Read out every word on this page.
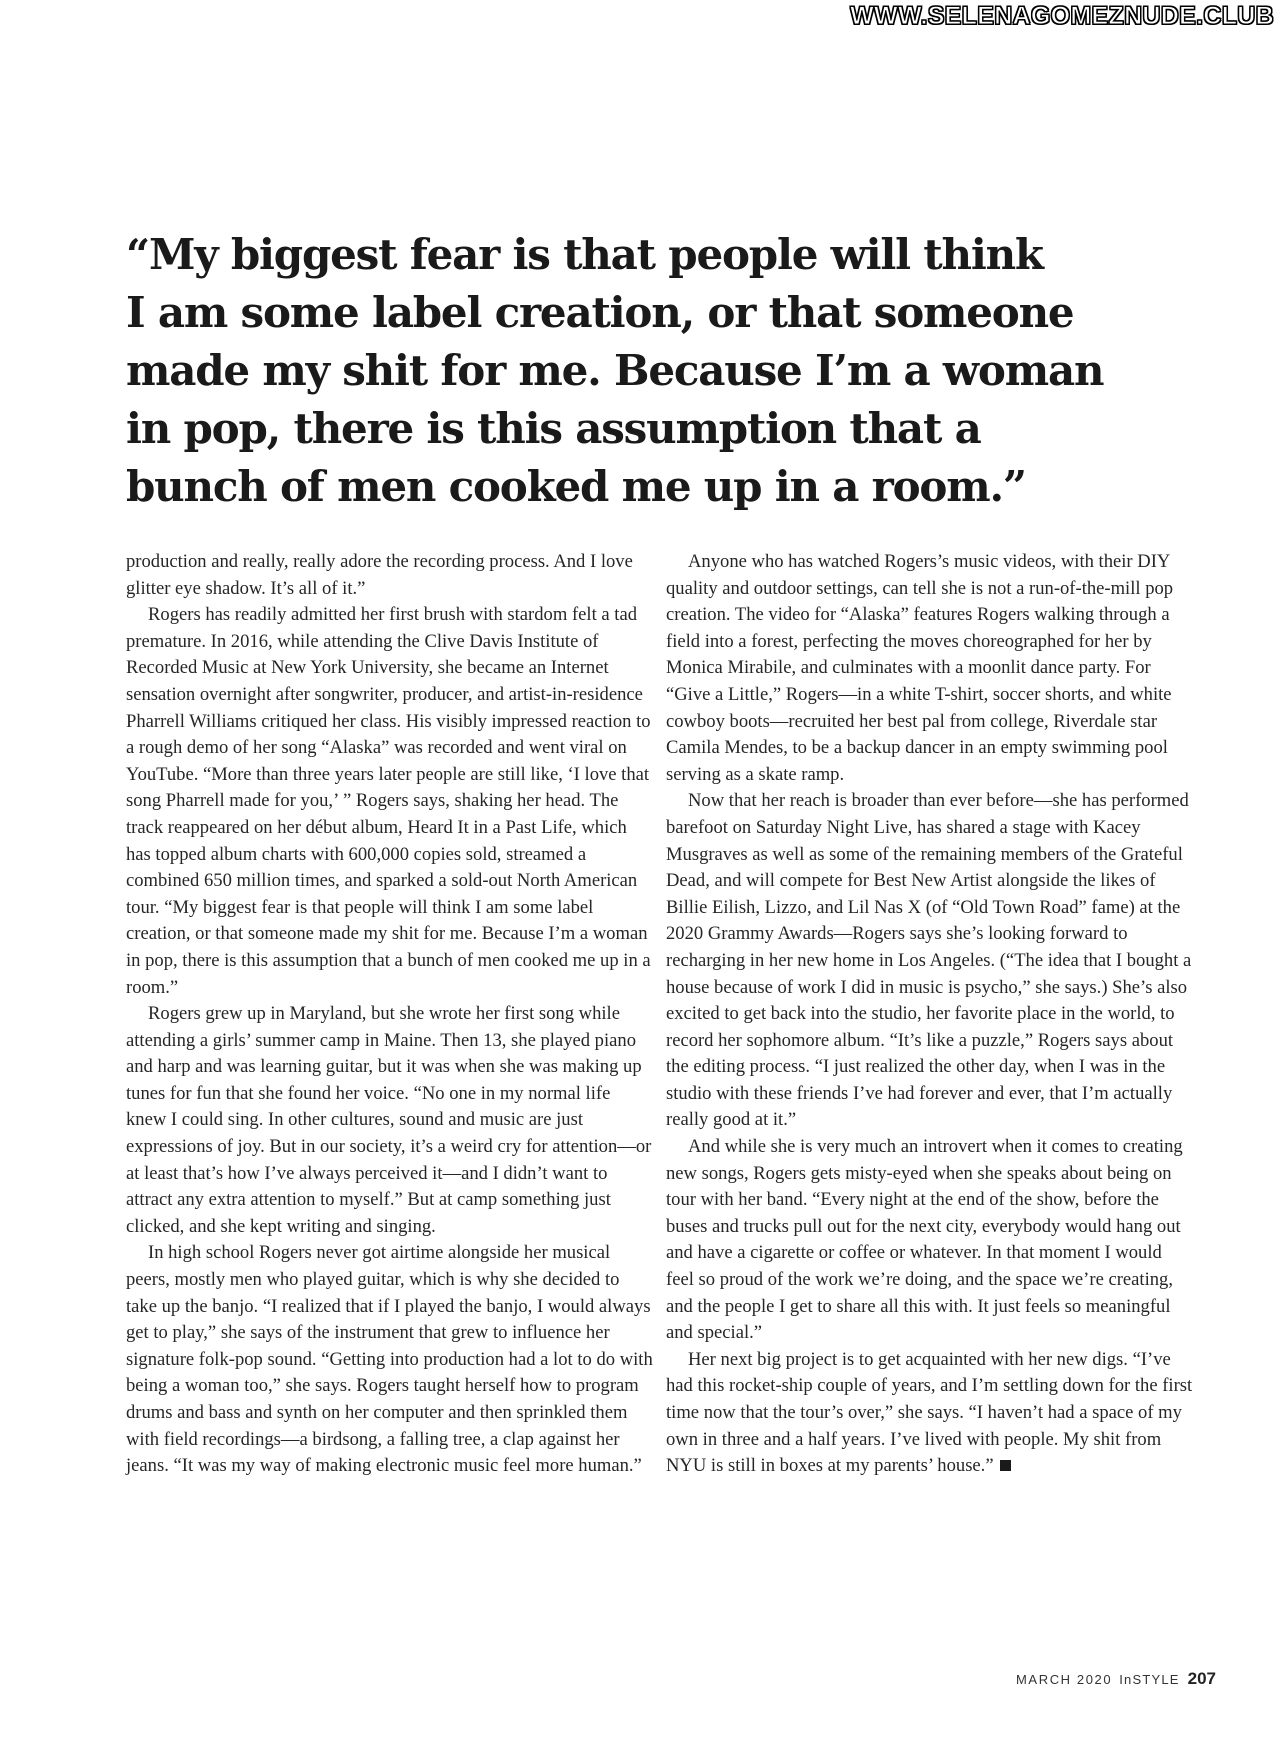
WWW.SELENAGOMEZNUDE.CLUB
“My biggest fear is that people will think
I am some label creation, or that someone
made my shit for me. Because I’m a woman
in pop, there is this assumption that a
bunch of men cooked me up in a room.”

production and really, really adore the recording process. And I love glitter eye shadow. It’s all of it.”

Rogers has readily admitted her first brush with stardom felt a tad premature. In 2016, while attending the Clive Davis Institute of Recorded Music at New York University, she became an Internet sensation overnight after songwriter, producer, and artist-in-residence Pharrell Williams critiqued her class. His visibly impressed reaction to a rough demo of her song “Alaska” was recorded and went viral on YouTube. “More than three years later people are still like, ‘I love that song Pharrell made for you,’ ” Rogers says, shaking her head. The track reappeared on her début album, Heard It in a Past Life, which has topped album charts with 600,000 copies sold, streamed a combined 650 million times, and sparked a sold-out North American tour. “My biggest fear is that people will think I am some label creation, or that someone made my shit for me. Because I’m a woman in pop, there is this assumption that a bunch of men cooked me up in a room.”

Rogers grew up in Maryland, but she wrote her first song while attending a girls’ summer camp in Maine. Then 13, she played piano and harp and was learning guitar, but it was when she was making up tunes for fun that she found her voice. “No one in my normal life knew I could sing. In other cultures, sound and music are just expressions of joy. But in our society, it’s a weird cry for attention—or at least that’s how I’ve always perceived it—and I didn’t want to attract any extra attention to myself.” But at camp something just clicked, and she kept writing and singing.

In high school Rogers never got airtime alongside her musical peers, mostly men who played guitar, which is why she decided to take up the banjo. “I realized that if I played the banjo, I would always get to play,” she says of the instrument that grew to influence her signature folk-pop sound. “Getting into production had a lot to do with being a woman too,” she says. Rogers taught herself how to program drums and bass and synth on her computer and then sprinkled them with field recordings—a birdsong, a falling tree, a clap against her jeans. “It was my way of making electronic music feel more human.”

Anyone who has watched Rogers’s music videos, with their DIY quality and outdoor settings, can tell she is not a run-of-the-mill pop creation. The video for “Alaska” features Rogers walking through a field into a forest, perfecting the moves choreographed for her by Monica Mirabile, and culminates with a moonlit dance party. For “Give a Little,” Rogers—in a white T-shirt, soccer shorts, and white cowboy boots—recruited her best pal from college, Riverdale star Camila Mendes, to be a backup dancer in an empty swimming pool serving as a skate ramp.

Now that her reach is broader than ever before—she has performed barefoot on Saturday Night Live, has shared a stage with Kacey Musgraves as well as some of the remaining members of the Grateful Dead, and will compete for Best New Artist alongside the likes of Billie Eilish, Lizzo, and Lil Nas X (of “Old Town Road” fame) at the 2020 Grammy Awards—Rogers says she’s looking forward to recharging in her new home in Los Angeles. (“The idea that I bought a house because of work I did in music is psycho,” she says.) She’s also excited to get back into the studio, her favorite place in the world, to record her sophomore album. “It’s like a puzzle,” Rogers says about the editing process. “I just realized the other day, when I was in the studio with these friends I’ve had forever and ever, that I’m actually really good at it.”

And while she is very much an introvert when it comes to creating new songs, Rogers gets misty-eyed when she speaks about being on tour with her band. “Every night at the end of the show, before the buses and trucks pull out for the next city, everybody would hang out and have a cigarette or coffee or whatever. In that moment I would feel so proud of the work we’re doing, and the space we’re creating, and the people I get to share all this with. It just feels so meaningful and special.”

Her next big project is to get acquainted with her new digs. “I’ve had this rocket-ship couple of years, and I’m settling down for the first time now that the tour’s over,” she says. “I haven’t had a space of my own in three and a half years. I’ve lived with people. My shit from NYU is still in boxes at my parents’ house.”

MARCH 2020 InSTYLE 207
